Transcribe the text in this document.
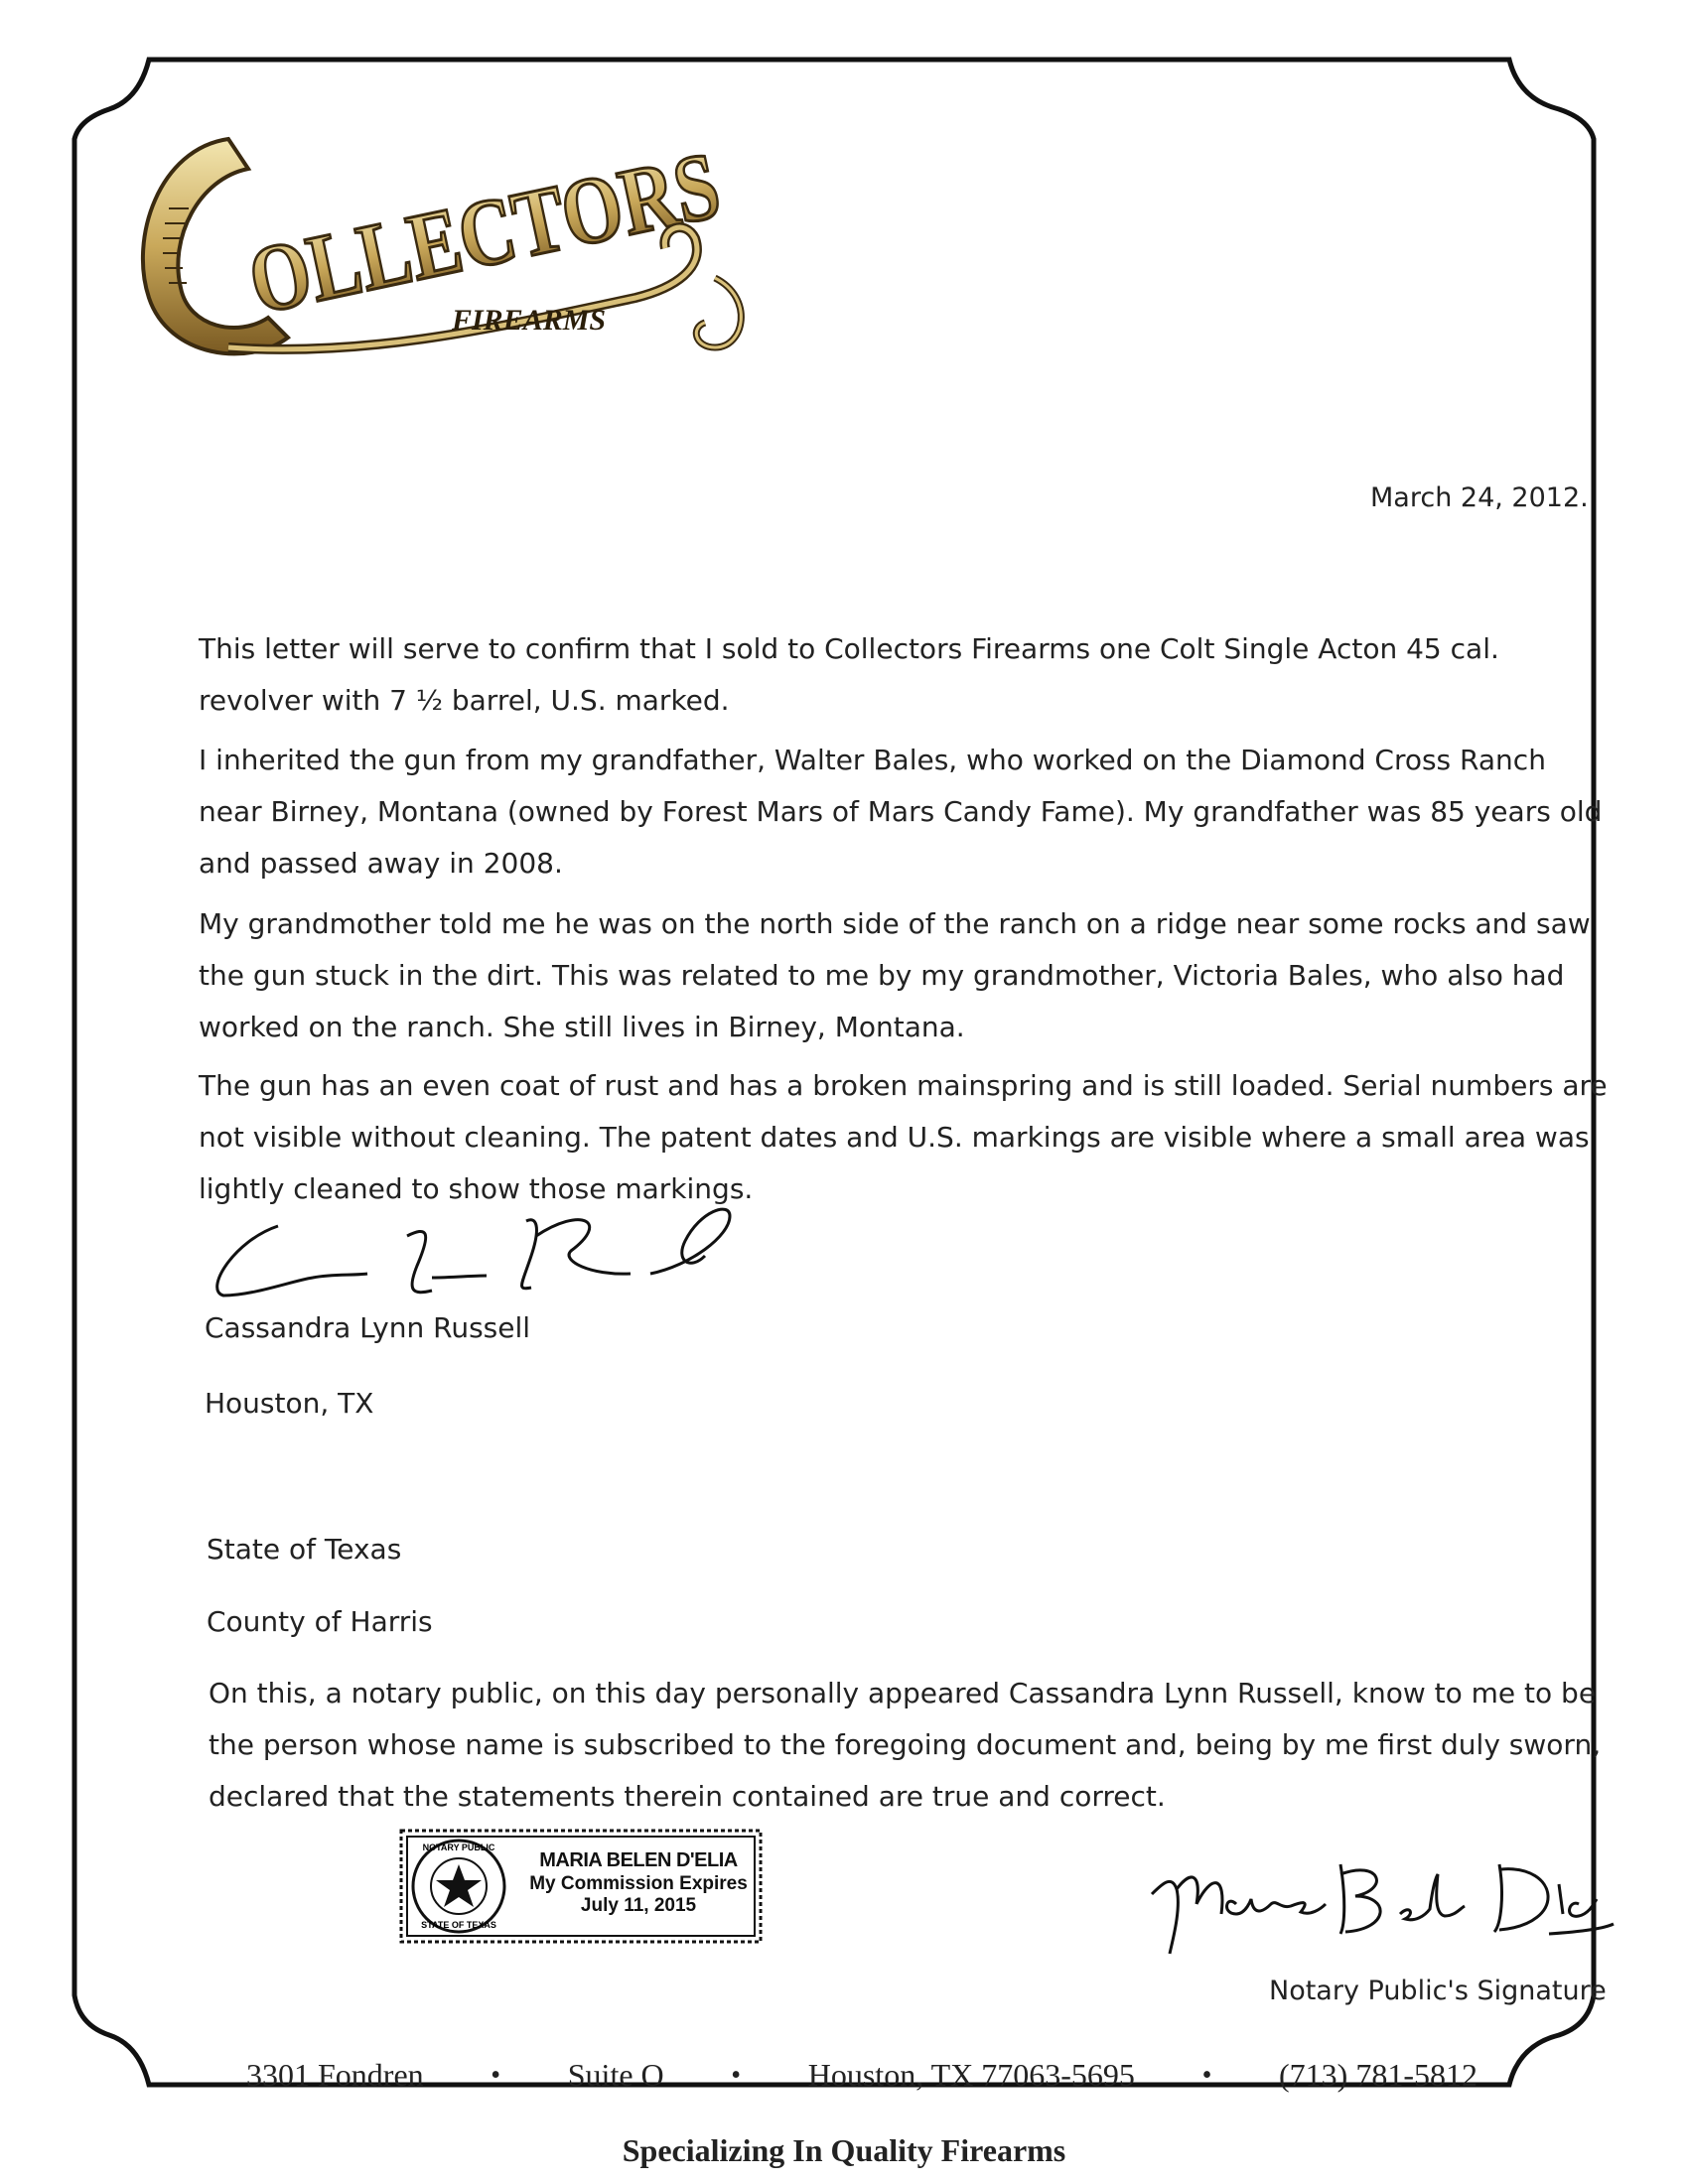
OLLECTORS
FIREARMS
March 24, 2012.
This letter will serve to confirm that I sold to Collectors Firearms one Colt Single Acton 45 cal. revolver with 7 ½ barrel, U.S. marked.
I inherited the gun from my grandfather, Walter Bales, who worked on the Diamond Cross Ranch near Birney, Montana (owned by Forest Mars of Mars Candy Fame). My grandfather was 85 years old and passed away in 2008.
My grandmother told me he was on the north side of the ranch on a ridge near some rocks and saw the gun stuck in the dirt. This was related to me by my grandmother, Victoria Bales, who also had worked on the ranch. She still lives in Birney, Montana.
The gun has an even coat of rust and has a broken mainspring and is still loaded. Serial numbers are not visible without cleaning. The patent dates and U.S. markings are visible where a small area was lightly cleaned to show those markings.
Cassandra Lynn Russell
Houston, TX
State of Texas
County of Harris
On this, a notary public, on this day personally appeared Cassandra Lynn Russell, know to me to be the person whose name is subscribed to the foregoing document and, being by me first duly sworn, declared that the statements therein contained are true and correct.
NOTARY PUBLIC
STATE OF TEXAS
MARIA BELEN D'ELIA
My Commission Expires
July 11, 2015
Notary Public's Signature
3301 Fondren • Suite O • Houston, TX 77063-5695 • (713) 781-5812
Specializing In Quality Firearms
